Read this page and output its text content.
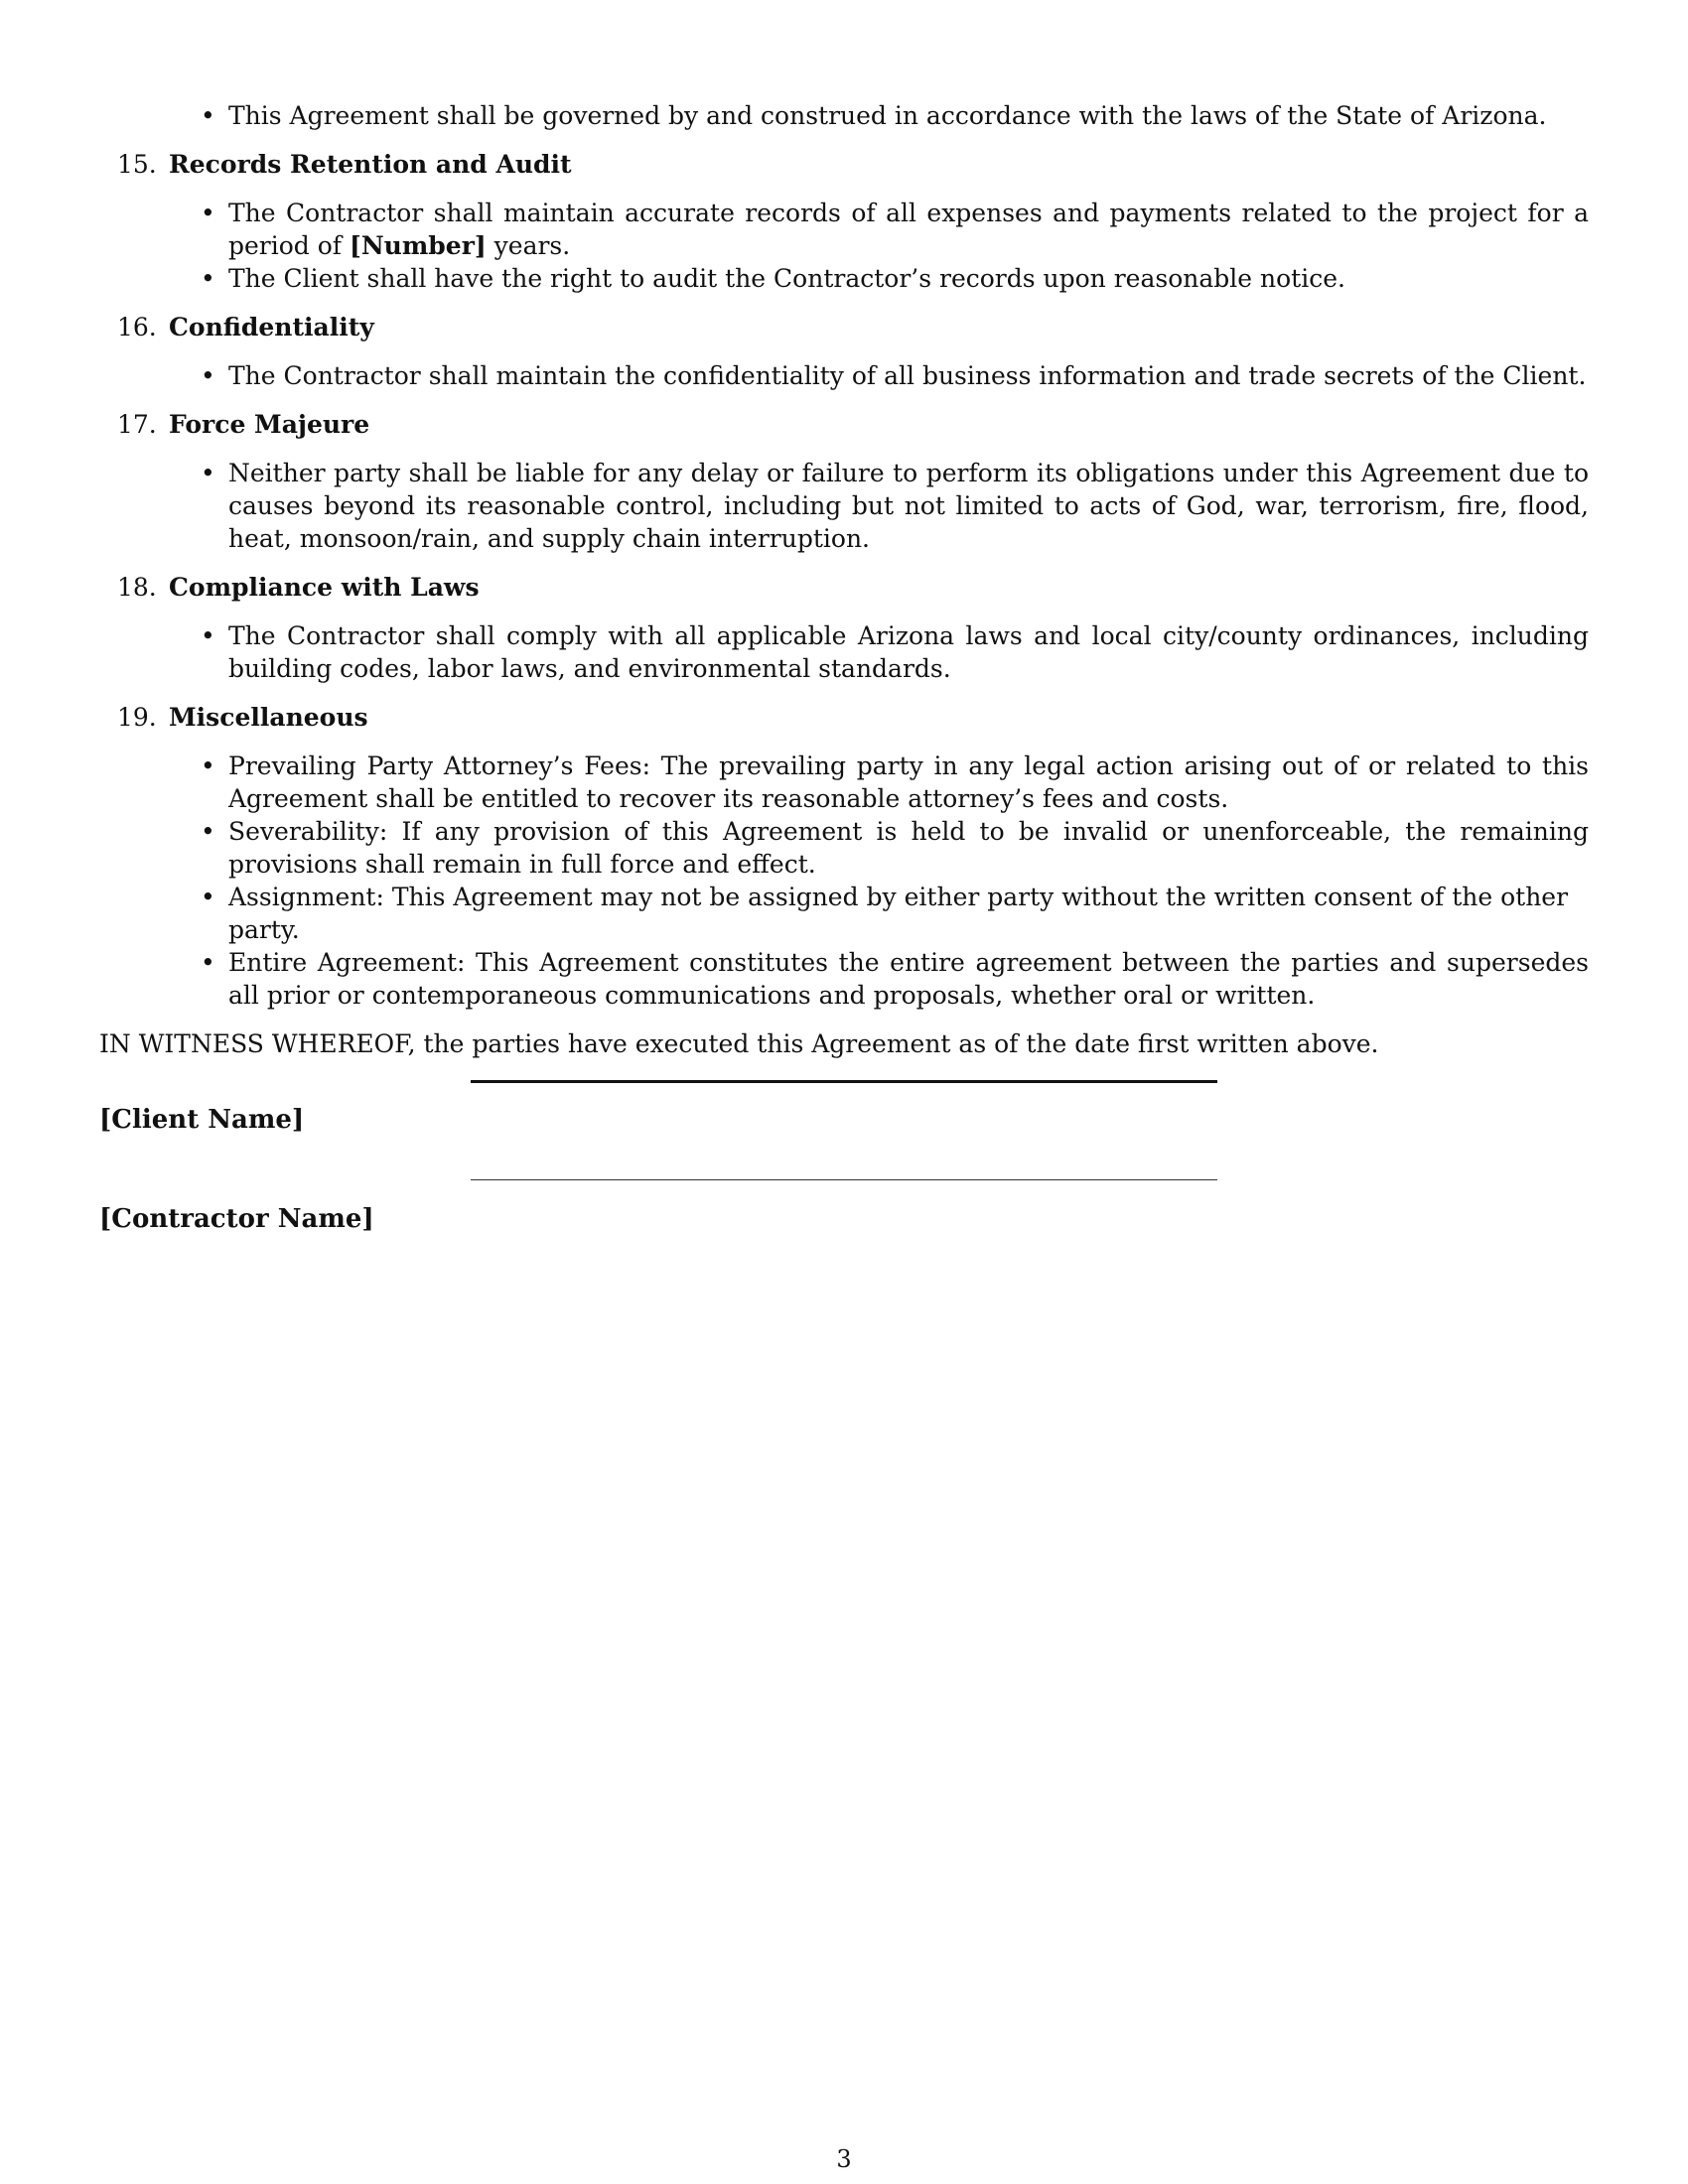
• This Agreement shall be governed by and construed in accordance with the laws of the State of Arizona.
15. Records Retention and Audit
• The Contractor shall maintain accurate records of all expenses and payments related to the project for a period of [Number] years.
• The Client shall have the right to audit the Contractor’s records upon reasonable notice.
16. Confidentiality
• The Contractor shall maintain the confidentiality of all business information and trade secrets of the Client.
17. Force Majeure
• Neither party shall be liable for any delay or failure to perform its obligations under this Agreement due to causes beyond its reasonable control, including but not limited to acts of God, war, terrorism, fire, flood, heat, monsoon/rain, and supply chain interruption.
18. Compliance with Laws
• The Contractor shall comply with all applicable Arizona laws and local city/county ordinances, including building codes, labor laws, and environmental standards.
19. Miscellaneous
• Prevailing Party Attorney’s Fees: The prevailing party in any legal action arising out of or related to this Agreement shall be entitled to recover its reasonable attorney’s fees and costs.
• Severability: If any provision of this Agreement is held to be invalid or unenforceable, the remaining provisions shall remain in full force and effect.
• Assignment: This Agreement may not be assigned by either party without the written consent of the other party.
• Entire Agreement: This Agreement constitutes the entire agreement between the parties and supersedes all prior or contemporaneous communications and proposals, whether oral or written.
IN WITNESS WHEREOF, the parties have executed this Agreement as of the date first written above.
[Client Name]
[Contractor Name]
3
